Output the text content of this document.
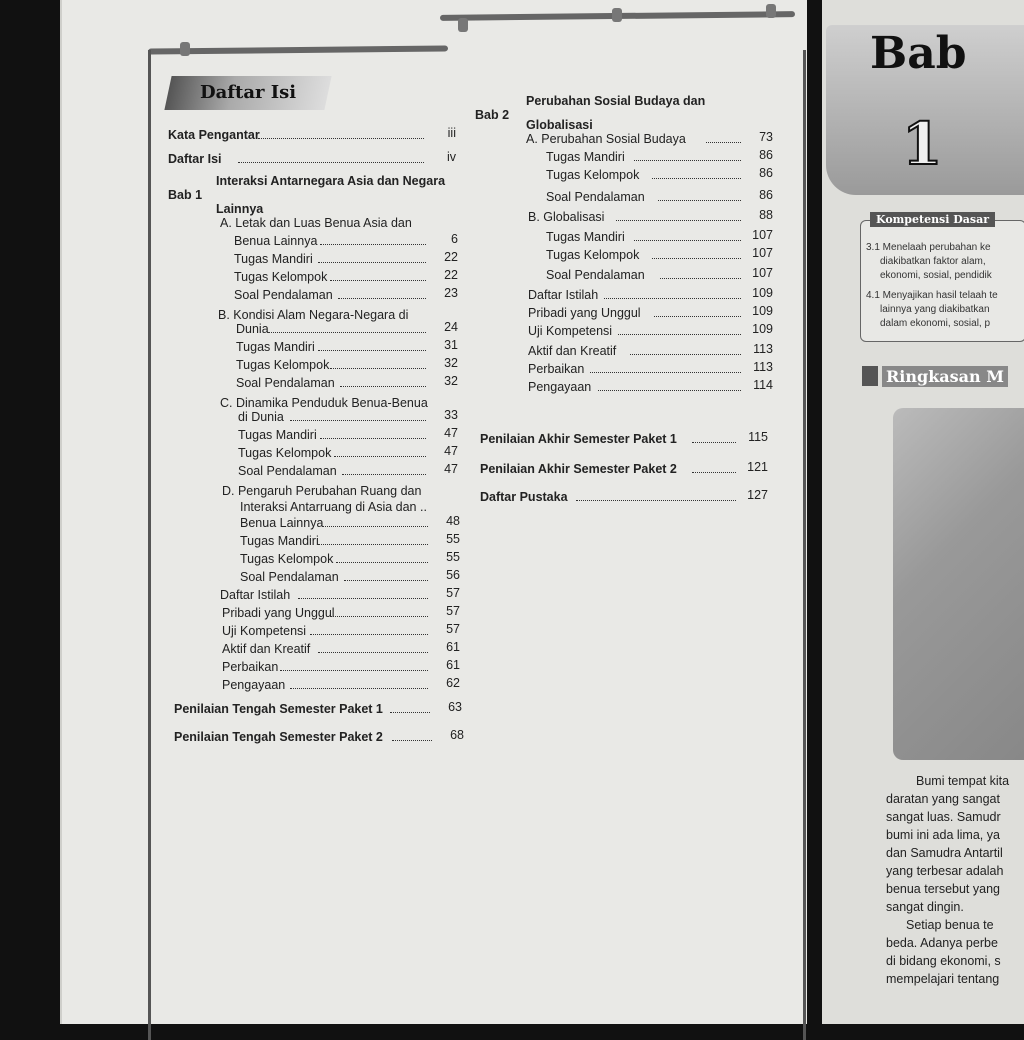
Daftar Isi
Kata Pengantar	iii
Daftar Isi	iv
Bab 1
Interaksi Antarnegara Asia dan Negara
Lainnya
A. Letak dan Luas Benua Asia dan
Benua Lainnya	6
Tugas Mandiri	22
Tugas Kelompok	22
Soal Pendalaman	23
B. Kondisi Alam Negara-Negara di
Dunia	24
Tugas Mandiri	31
Tugas Kelompok	32
Soal Pendalaman	32
C. Dinamika Penduduk Benua-Benua
di Dunia	33
Tugas Mandiri	47
Tugas Kelompok	47
Soal Pendalaman	47
D. Pengaruh Perubahan Ruang dan
Interaksi Antarruang di Asia dan ..
Benua Lainnya	48
Tugas Mandiri	55
Tugas Kelompok	55
Soal Pendalaman	56
Daftar Istilah	57
Pribadi yang Unggul	57
Uji Kompetensi	57
Aktif dan Kreatif	61
Perbaikan	61
Pengayaan	62
Penilaian Tengah Semester Paket 1	63
Penilaian Tengah Semester Paket 2	68
Bab 2
Perubahan Sosial Budaya dan
Globalisasi
A. Perubahan Sosial Budaya	73
Tugas Mandiri	86
Tugas Kelompok	86
Soal Pendalaman	86
B. Globalisasi	88
Tugas Mandiri	107
Tugas Kelompok	107
Soal Pendalaman	107
Daftar Istilah	109
Pribadi yang Unggul	109
Uji Kompetensi	109
Aktif dan Kreatif	113
Perbaikan	113
Pengayaan	114
Penilaian Akhir Semester Paket 1	115
Penilaian Akhir Semester Paket 2	121
Daftar Pustaka	127
Bab
1
Kompetensi Dasar
3.1 Menelaah perubahan ke
diakibatkan faktor alam,
ekonomi, sosial, pendidik
4.1 Menyajikan hasil telaah te
lainnya yang diakibatkan
dalam ekonomi, sosial, p
Ringkasan M
Bumi tempat kita
daratan yang sangat
sangat luas. Samudr
bumi ini ada lima, ya
dan Samudra Antartil
yang terbesar adalah
benua tersebut yang
sangat dingin.
Setiap benua te
beda. Adanya perbe
di bidang ekonomi, s
mempelajari tentang
